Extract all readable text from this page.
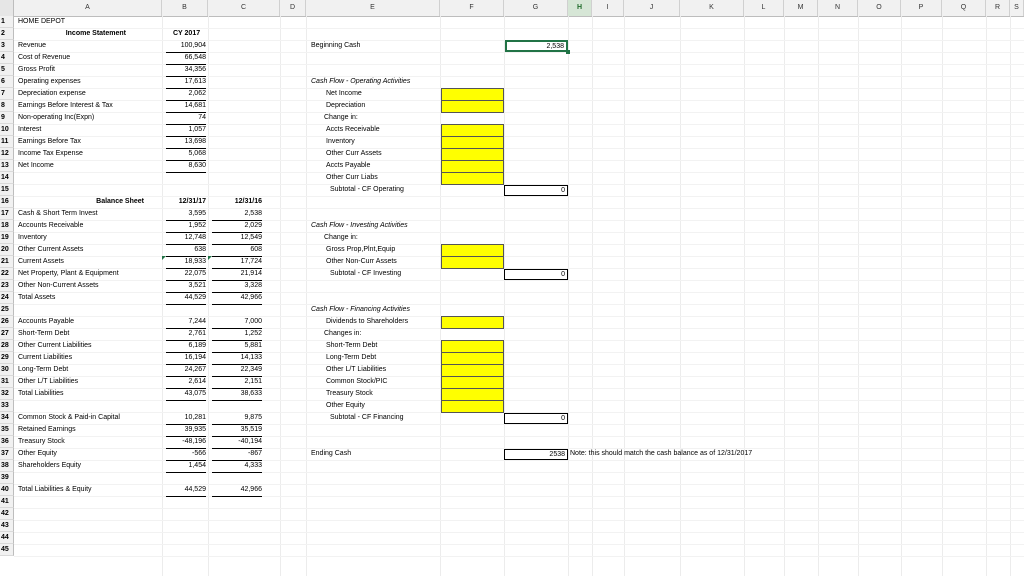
A	B	C	D	E	F	G	H	I	J	K	L	M	N	O	P	Q	R	S
1
2
3
4
5
6
7
8
9
10
11
12
13
14
15
16
17
18
19
20
21
22
23
24
25
26
27
28
29
30
31
32
33
34
35
36
37
38
39
40
41
42
43
44
45
HOME DEPOT
Income Statement	CY 2017
Revenue	100,904
Cost of Revenue	66,548
Gross Profit	34,356
Operating expenses	17,613
Depreciation expense	2,062
Earnings Before Interest & Tax	14,681
Non-operating Inc(Expn)	74
Interest	1,057
Earnings Before Tax	13,698
Income Tax Expense	5,068
Net Income	8,630
Balance Sheet	12/31/17	12/31/16
Cash & Short Term Invest	3,595	2,538
Accounts Receivable	1,952	2,029
Inventory	12,748	12,549
Other Current Assets	638	608
Current Assets	18,933	17,724
Net Property, Plant & Equipment	22,075	21,914
Other Non-Current Assets	3,521	3,328
Total Assets	44,529	42,966
Accounts Payable	7,244	7,000
Short-Term Debt	2,761	1,252
Other Current Liabilities	6,189	5,881
Current Liabilities	16,194	14,133
Long-Term Debt	24,267	22,349
Other L/T Liabilities	2,614	2,151
Total Liabilities	43,075	38,633
Common Stock & Paid-in Capital	10,281	9,875
Retained Earnings	39,935	35,519
Treasury Stock	-48,196	-40,194
Other Equity	-566	-867
Shareholders Equity	1,454	4,333
Total Liabilities & Equity	44,529	42,966
Beginning Cash	2,538
Cash Flow - Operating Activities
Net Income
Depreciation
Change in:
Accts Receivable
Inventory
Other Curr Assets
Accts Payable
Other Curr Liabs
Subtotal - CF Operating	0
Cash Flow - Investing Activities
Change in:
Gross Prop,Plnt,Equip
Other Non-Curr Assets
Subtotal - CF Investing	0
Cash Flow - Financing Activities
Dividends to Shareholders
Changes in:
Short-Term Debt
Long-Term Debt
Other L/T Liabilities
Common Stock/PIC
Treasury Stock
Other Equity
Subtotal - CF Financing	0
Ending Cash	2538 Note: this should match the cash balance as of 12/31/2017
